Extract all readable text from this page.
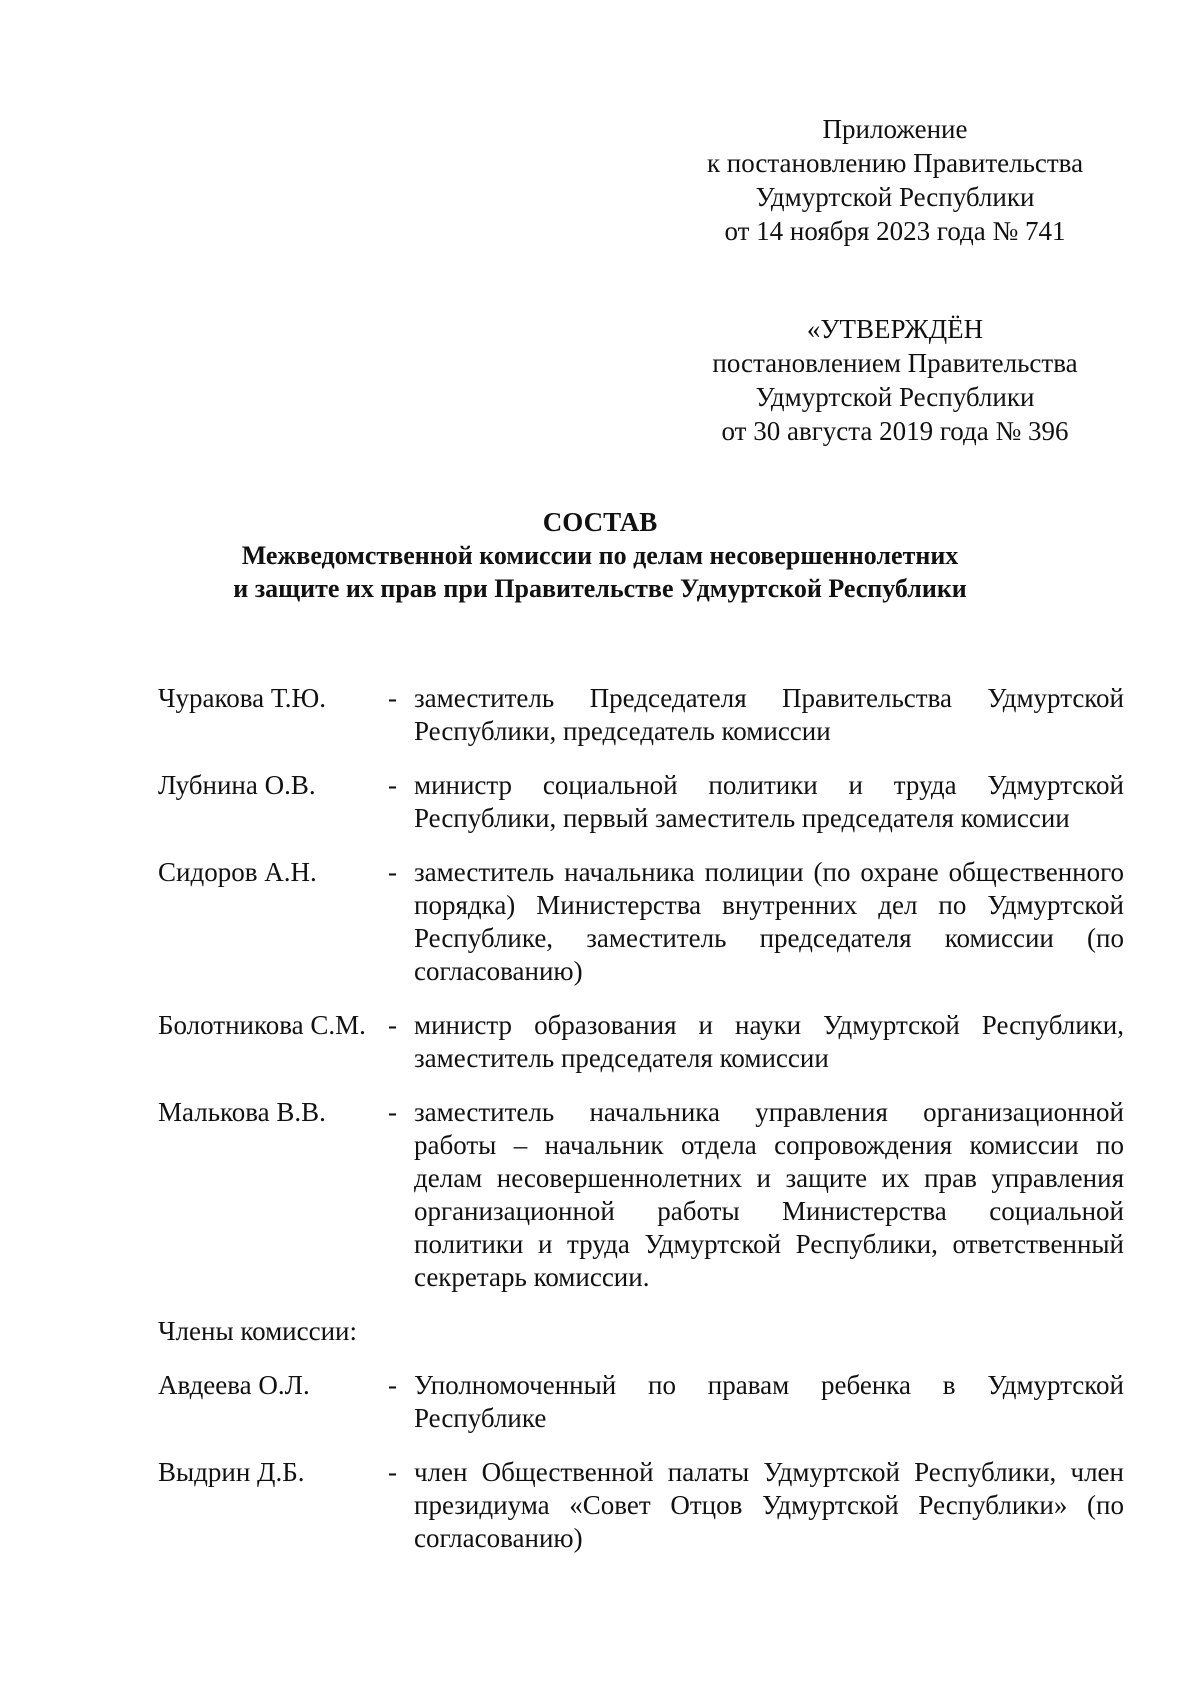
Приложение
к постановлению Правительства
Удмуртской Республики
от 14 ноября 2023 года № 741
«УТВЕРЖДЁН
постановлением Правительства
Удмуртской Республики
от 30 августа 2019 года № 396
СОСТАВ
Межведомственной комиссии по делам несовершеннолетних
и защите их прав при Правительстве Удмуртской Республики
Чуракова Т.Ю.	- заместитель Председателя Правительства Удмуртской Республики, председатель комиссии
Лубнина О.В.	- министр социальной политики и труда Удмуртской Республики, первый заместитель председателя комиссии
Сидоров А.Н.	- заместитель начальника полиции (по охране общественного порядка) Министерства внутренних дел по Удмуртской Республике, заместитель председателя комиссии (по согласованию)
Болотникова С.М. - министр образования и науки Удмуртской Республики, заместитель председателя комиссии
Малькова В.В.	- заместитель начальника управления организационной работы – начальник отдела сопровождения комиссии по делам несовершеннолетних и защите их прав управления организационной работы Министерства социальной политики и труда Удмуртской Республики, ответственный секретарь комиссии.
Члены комиссии:
Авдеева О.Л.	- Уполномоченный по правам ребенка в Удмуртской Республике
Выдрин Д.Б.	- член Общественной палаты Удмуртской Республики, член президиума «Совет Отцов Удмуртской Республики» (по согласованию)
